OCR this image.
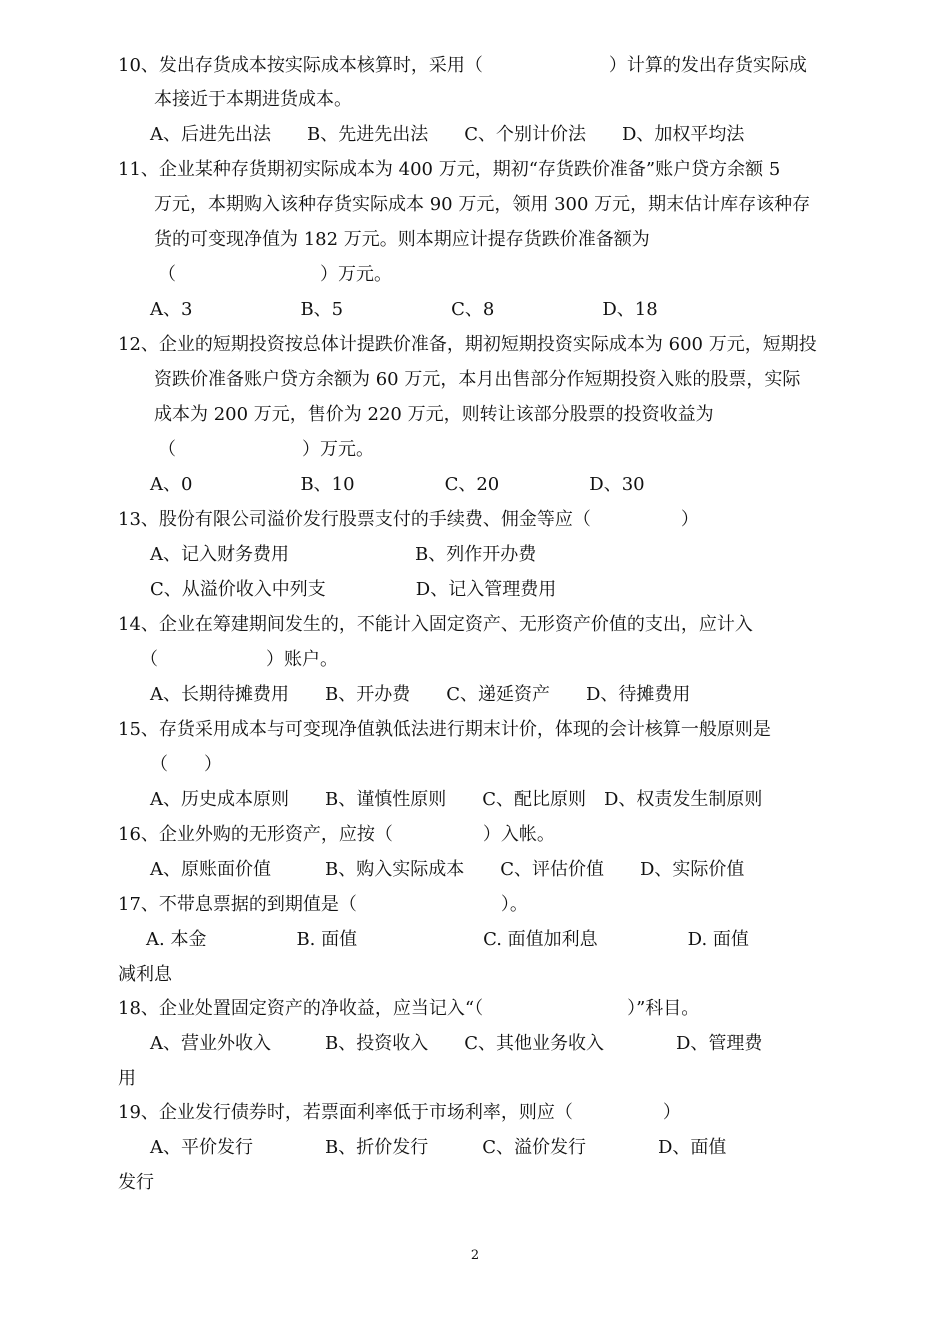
10、发出存货成本按实际成本核算时，采用（　　　　　　　）计算的发出存货实际成
本接近于本期进货成本。
A、后进先出法　　B、先进先出法　　C、个别计价法　　D、加权平均法
11、企业某种存货期初实际成本为 400 万元，期初“存货跌价准备”账户贷方余额 5
万元，本期购入该种存货实际成本 90 万元，领用 300 万元，期末估计库存该种存
货的可变现净值为 182 万元。则本期应计提存货跌价准备额为
（　　　　　　　　）万元。
A、3　　　　　　B、5　　　　　　C、8　　　　　　D、18
12、企业的短期投资按总体计提跌价准备，期初短期投资实际成本为 600 万元，短期投
资跌价准备账户贷方余额为 60 万元，本月出售部分作短期投资入账的股票，实际
成本为 200 万元，售价为 220 万元，则转让该部分股票的投资收益为
（　　　　　　　）万元。
A、0　　　　　　B、10　　　　　C、20　　　　　D、30
13、股份有限公司溢价发行股票支付的手续费、佣金等应（　　　　　）
A、记入财务费用　　　　　　　B、列作开办费
C、从溢价收入中列支　　　　　D、记入管理费用
14、企业在筹建期间发生的，不能计入固定资产、无形资产价值的支出，应计入
（　　　　　　）账户。
A、长期待摊费用　　B、开办费　　C、递延资产　　D、待摊费用
15、存货采用成本与可变现净值孰低法进行期末计价，体现的会计核算一般原则是
（　　）
A、历史成本原则　　B、谨慎性原则　　C、配比原则　D、权责发生制原则
16、企业外购的无形资产，应按（　　　　　）入帐。
A、原账面价值　　　B、购入实际成本　　C、评估价值　　D、实际价值
17、不带息票据的到期值是（　　　　　　　　）。
A. 本金　　　　　B. 面值　　　　　　　C. 面值加利息　　　　　D. 面值
减利息
18、企业处置固定资产的净收益，应当记入“（　　　　　　　　）”科目。
A、营业外收入　　　B、投资收入　　C、其他业务收入　　　　D、管理费
用
19、企业发行债券时，若票面利率低于市场利率，则应（　　　　　）
A、平价发行　　　　B、折价发行　　　C、溢价发行　　　　D、面值
发行
2
